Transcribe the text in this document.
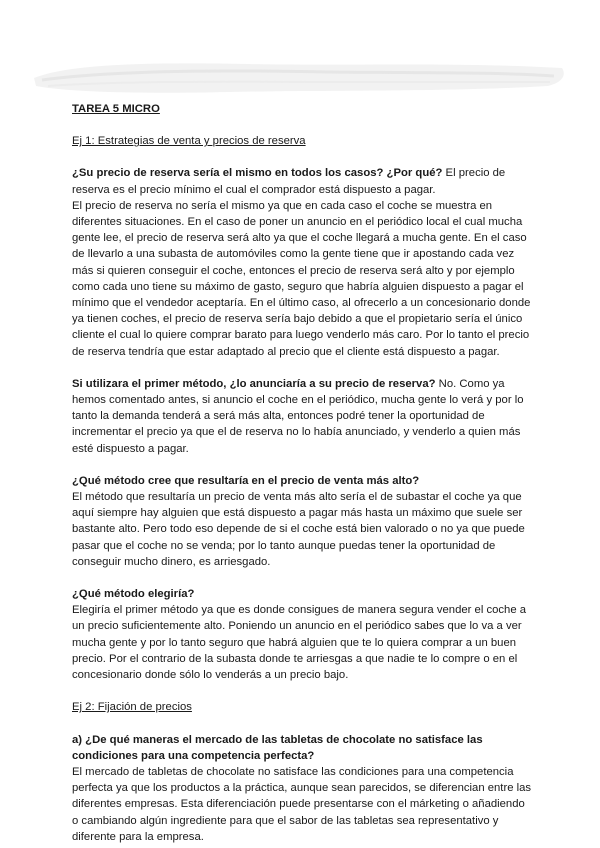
TAREA 5 MICRO

Ej 1: Estrategias de venta y precios de reserva

¿Su precio de reserva sería el mismo en todos los casos? ¿Por qué? El precio de reserva es el precio mínimo el cual el comprador está dispuesto a pagar.

El precio de reserva no sería el mismo ya que en cada caso el coche se muestra en diferentes situaciones. En el caso de poner un anuncio en el periódico local el cual mucha gente lee, el precio de reserva será alto ya que el coche llegará a mucha gente. En el caso de llevarlo a una subasta de automóviles como la gente tiene que ir apostando cada vez más si quieren conseguir el coche, entonces el precio de reserva será alto y por ejemplo como cada uno tiene su máximo de gasto, seguro que habría alguien dispuesto a pagar el mínimo que el vendedor aceptaría. En el último caso, al ofrecerlo a un concesionario donde ya tienen coches, el precio de reserva sería bajo debido a que el propietario sería el único cliente el cual lo quiere comprar barato para luego venderlo más caro. Por lo tanto el precio de reserva tendría que estar adaptado al precio que el cliente está dispuesto a pagar.

Si utilizara el primer método, ¿lo anunciaría a su precio de reserva? No. Como ya hemos comentado antes, si anuncio el coche en el periódico, mucha gente lo verá y por lo tanto la demanda tenderá a será más alta, entonces podré tener la oportunidad de incrementar el precio ya que el de reserva no lo había anunciado, y venderlo a quien más esté dispuesto a pagar.

¿Qué método cree que resultaría en el precio de venta más alto?

El método que resultaría un precio de venta más alto sería el de subastar el coche ya que aquí siempre hay alguien que está dispuesto a pagar más hasta un máximo que suele ser bastante alto. Pero todo eso depende de si el coche está bien valorado o no ya que puede pasar que el coche no se venda; por lo tanto aunque puedas tener la oportunidad de conseguir mucho dinero, es arriesgado.

¿Qué método elegiría?

Elegiría el primer método ya que es donde consigues de manera segura vender el coche a un precio suficientemente alto. Poniendo un anuncio en el periódico sabes que lo va a ver mucha gente y por lo tanto seguro que habrá alguien que te lo quiera comprar a un buen precio. Por el contrario de la subasta donde te arriesgas a que nadie te lo compre o en el concesionario donde sólo lo venderás a un precio bajo.

Ej 2: Fijación de precios

a) ¿De qué maneras el mercado de las tabletas de chocolate no satisface las condiciones para una competencia perfecta?

El mercado de tabletas de chocolate no satisface las condiciones para una competencia perfecta ya que los productos a la práctica, aunque sean parecidos, se diferencian entre las diferentes empresas. Esta diferenciación puede presentarse con el márketing o añadiendo o cambiando algún ingrediente para que el sabor de las tabletas sea representativo y diferente para la empresa.
